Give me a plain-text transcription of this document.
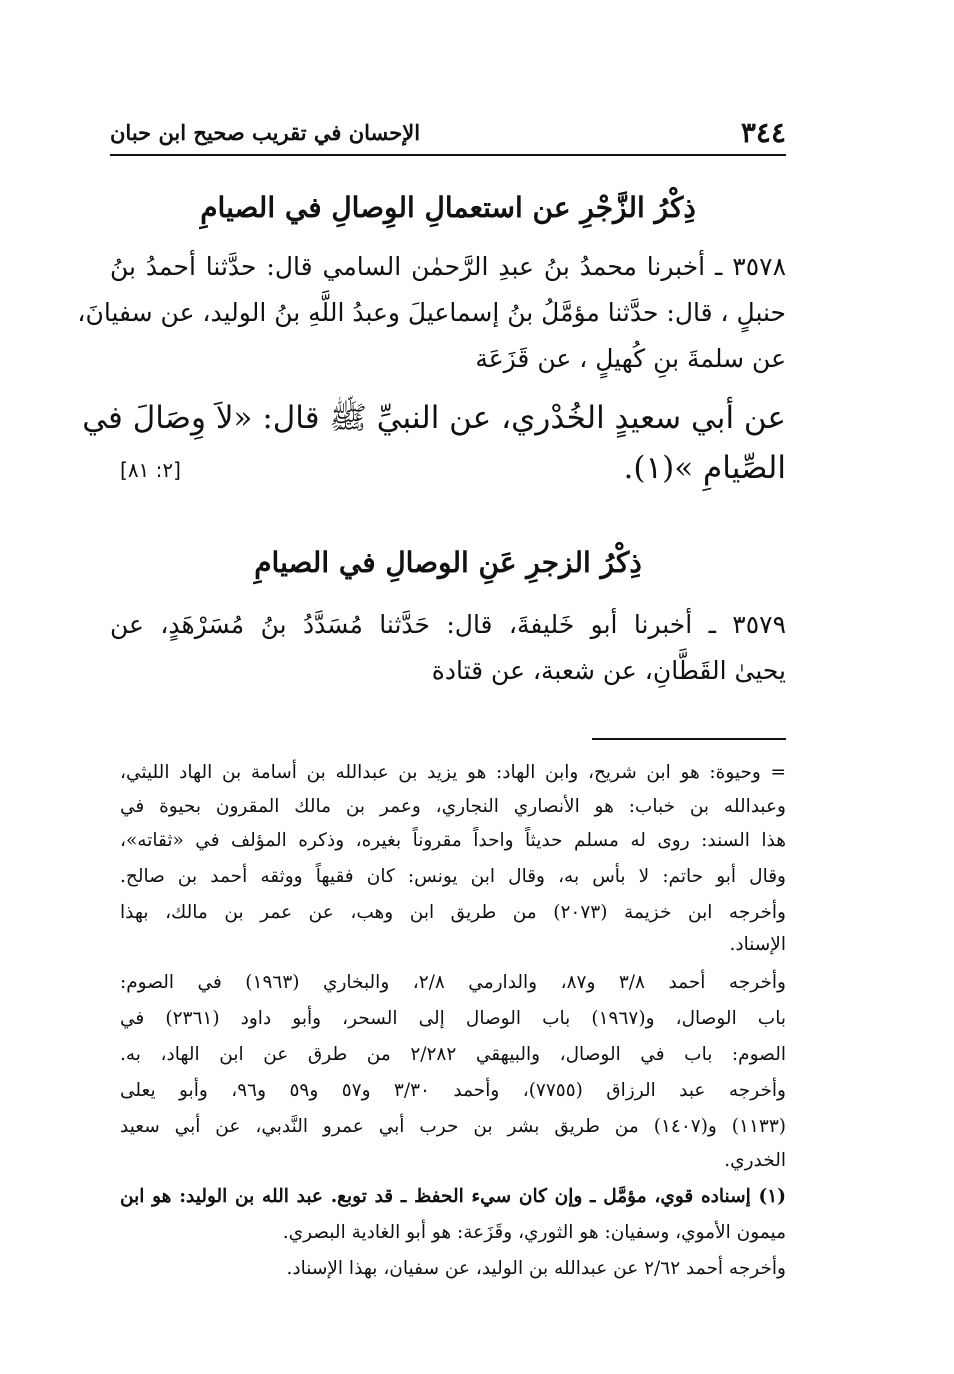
٣٤٤
الإحسان في تقريب صحيح ابن حبان
ذِكْرُ الزَّجْرِ عن استعمالِ الوِصالِ في الصيامِ
٣٥٧٨ ـ أخبرنا محمدُ بنُ عبدِ الرَّحمٰن السامي قال: حدَّثنا أحمدُ بنُ
حنبلٍ ، قال: حدَّثنا مؤمَّلُ بنُ إسماعيلَ وعبدُ اللَّهِ بنُ الوليد، عن سفيانَ،
عن سلمةَ بنِ كُهيلٍ ، عن قَزَعَة
عن أبي سعيدٍ الخُدْري، عن النبيِّ ﷺ قال: «لاَ وِصَالَ في
الصِّيامِ »(١).
[٢: ٨١]
ذِكْرُ الزجرِ عَنِ الوصالِ في الصيامِ
٣٥٧٩ ـ أخبرنا أبو خَليفةَ، قال: حَدَّثنا مُسَدَّدُ بنُ مُسَرْهَدٍ، عن
يحيىٰ القَطَّانِ، عن شعبة، عن قتادة
= وحيوة: هو ابن شريح، وابن الهاد: هو يزيد بن عبدالله بن أسامة بن الهاد الليثي،
وعبدالله بن خباب: هو الأنصاري النجاري، وعمر بن مالك المقرون بحيوة في
هذا السند: روى له مسلم حديثاً واحداً مقروناً بغيره، وذكره المؤلف في «ثقاته»،
وقال أبو حاتم: لا بأس به، وقال ابن يونس: كان فقيهاً ووثقه أحمد بن صالح.
وأخرجه ابن خزيمة (٢٠٧٣) من طريق ابن وهب، عن عمر بن مالك، بهذا
الإسناد.
وأخرجه أحمد ٣/٨ و٨٧، والدارمي ٢/٨، والبخاري (١٩٦٣) في الصوم:
باب الوصال، و(١٩٦٧) باب الوصال إلى السحر، وأبو داود (٢٣٦١) في
الصوم: باب في الوصال، والبيهقي ٢/٢٨٢ من طرق عن ابن الهاد، به.
وأخرجه عبد الرزاق (٧٧٥٥)، وأحمد ٣/٣٠ و٥٧ و٥٩ و٩٦، وأبو يعلى
(١١٣٣) و(١٤٠٧) من طريق بشر بن حرب أبي عمرو النَّدبي، عن أبي سعيد
الخدري.
(١) إسناده قوي، مؤمَّل ـ وإن كان سيء الحفظ ـ قد توبع. عبد الله بن الوليد: هو ابن
ميمون الأموي، وسفيان: هو الثوري، وقَزَعة: هو أبو الغادية البصري.
وأخرجه أحمد ٢/٦٢ عن عبدالله بن الوليد، عن سفيان، بهذا الإسناد.
